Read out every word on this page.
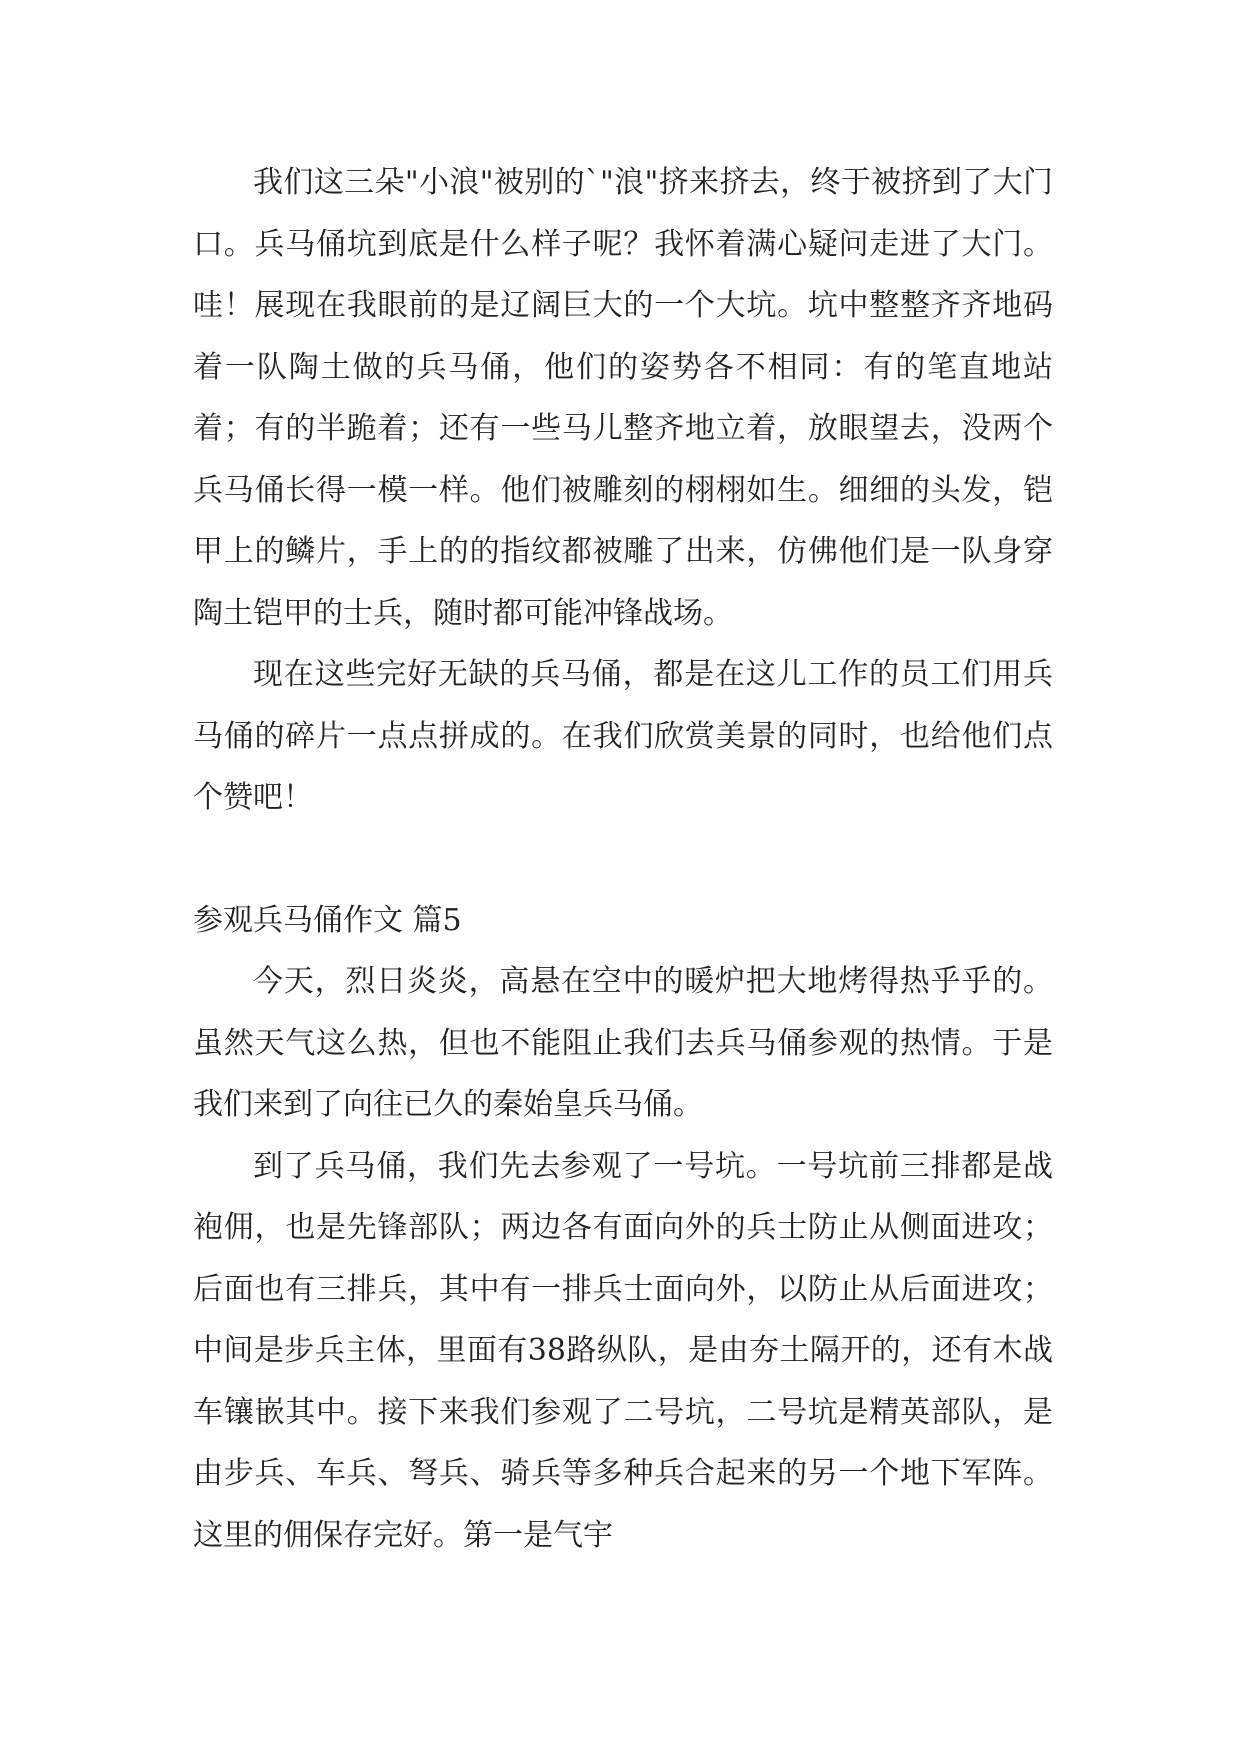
我们这三朵"小浪"被别的`"浪"挤来挤去，终于被挤到了大门口。兵马俑坑到底是什么样子呢？我怀着满心疑问走进了大门。哇！展现在我眼前的是辽阔巨大的一个大坑。坑中整整齐齐地码着一队陶土做的兵马俑，他们的姿势各不相同：有的笔直地站着；有的半跪着；还有一些马儿整齐地立着，放眼望去，没两个兵马俑长得一模一样。他们被雕刻的栩栩如生。细细的头发，铠甲上的鳞片，手上的的指纹都被雕了出来，仿佛他们是一队身穿陶土铠甲的士兵，随时都可能冲锋战场。

现在这些完好无缺的兵马俑，都是在这儿工作的员工们用兵马俑的碎片一点点拼成的。在我们欣赏美景的同时，也给他们点个赞吧！

参观兵马俑作文 篇5

今天，烈日炎炎，高悬在空中的暖炉把大地烤得热乎乎的。虽然天气这么热，但也不能阻止我们去兵马俑参观的热情。于是我们来到了向往已久的秦始皇兵马俑。

到了兵马俑，我们先去参观了一号坑。一号坑前三排都是战袍佣，也是先锋部队；两边各有面向外的兵士防止从侧面进攻；后面也有三排兵，其中有一排兵士面向外，以防止从后面进攻；中间是步兵主体，里面有38路纵队，是由夯土隔开的，还有木战车镶嵌其中。接下来我们参观了二号坑，二号坑是精英部队，是由步兵、车兵、弩兵、骑兵等多种兵合起来的另一个地下军阵。这里的佣保存完好。第一是气宇
